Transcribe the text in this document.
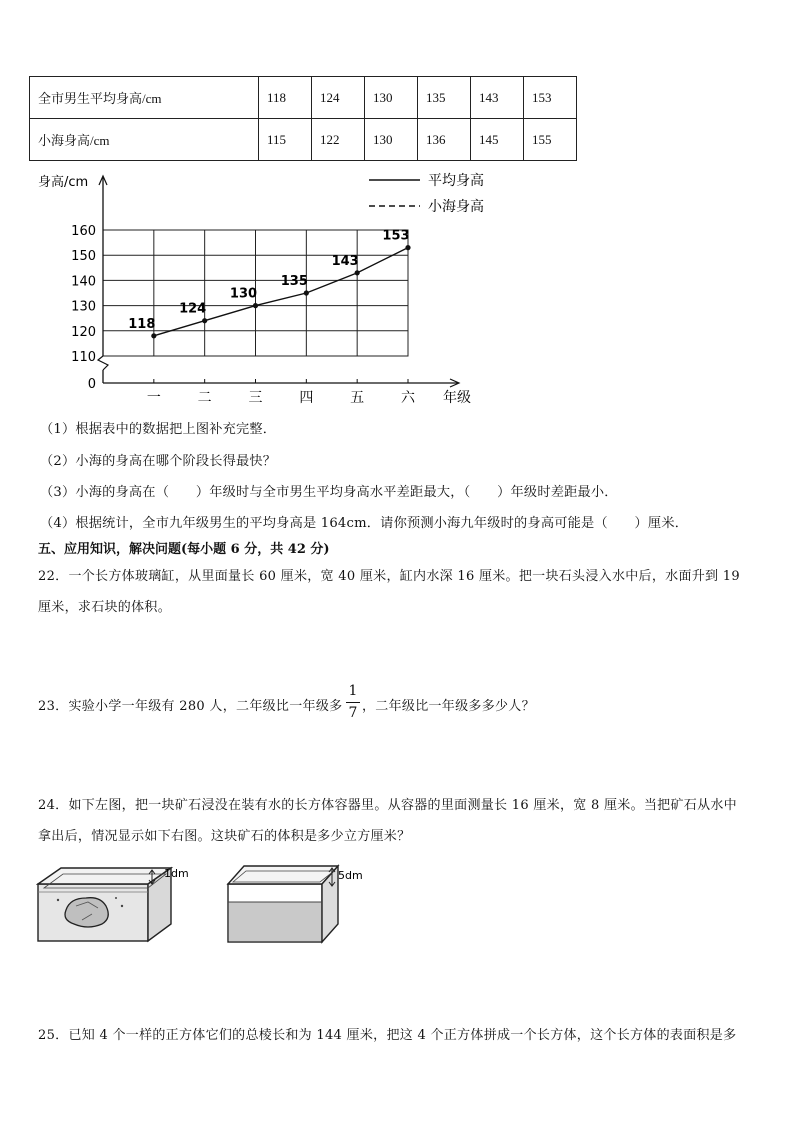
全市男生平均身高/cm	118	124	130	135	143	153
小海身高/cm	115	122	130	136	145	155
身高/cm
年级
160
150
140
130
120
110
0
一	二	三	四	五	六
118
124
130
135
143
153
平均身高
小海身高
（1）根据表中的数据把上图补充完整．
（2）小海的身高在哪个阶段长得最快？
（3）小海的身高在（　　）年级时与全市男生平均身高水平差距最大，（　　）年级时差距最小．
（4）根据统计，全市九年级男生的平均身高是 164cm．请你预测小海九年级时的身高可能是（　　）厘米．
五、应用知识，解决问题(每小题 6 分，共 42 分)
22．一个长方体玻璃缸，从里面量长 60 厘米，宽 40 厘米，缸内水深 16 厘米。把一块石头浸入水中后，水面升到 19
厘米，求石块的体积。
23．实验小学一年级有 280 人，二年级比一年级多
1
7 ，二年级比一年级多多少人？
24．如下左图，把一块矿石浸没在装有水的长方体容器里。从容器的里面测量长 16 厘米，宽 8 厘米。当把矿石从水中
拿出后，情况显示如下右图。这块矿石的体积是多少立方厘米？
1dm	5dm
25．已知 4 个一样的正方体它们的总棱长和为 144 厘米，把这 4 个正方体拼成一个长方体，这个长方体的表面积是多
